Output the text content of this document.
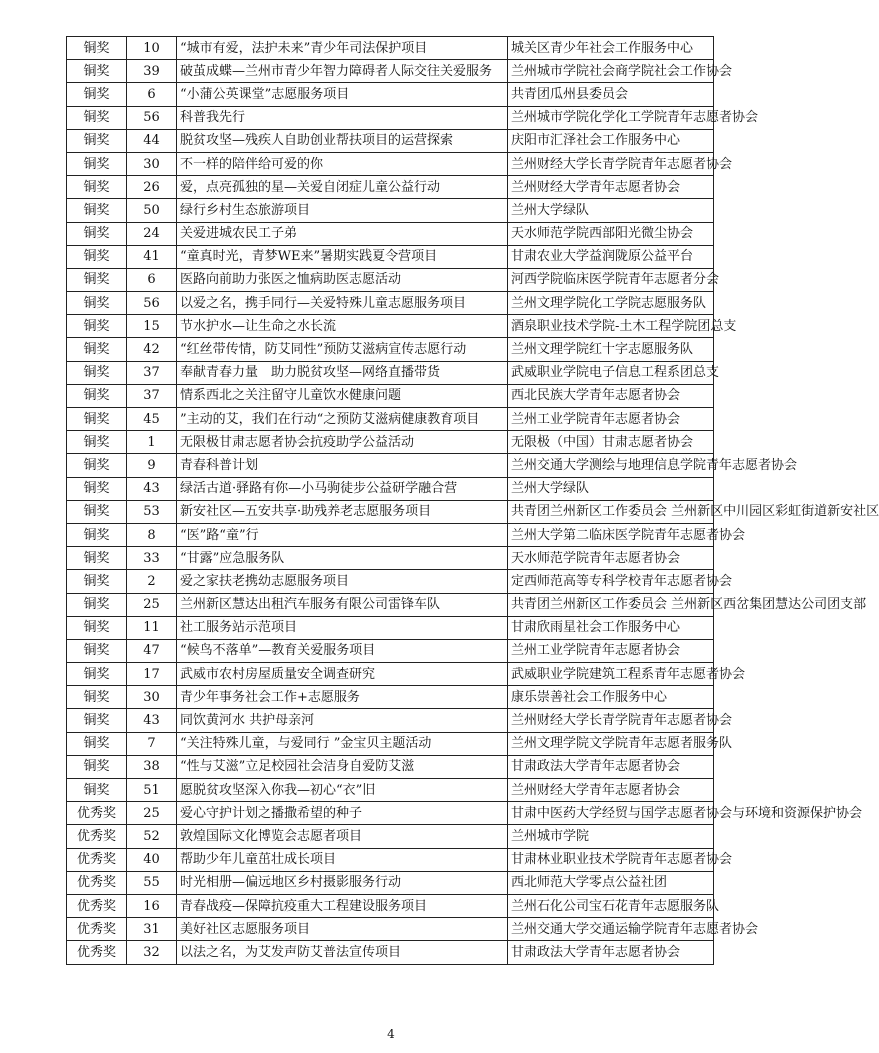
铜奖	10	“城市有爱，法护未来”青少年司法保护项目	城关区青少年社会工作服务中心
铜奖	39	破茧成蝶—兰州市青少年智力障碍者人际交往关爱服务	兰州城市学院社会商学院社会工作协会
铜奖	6	“小蒲公英课堂”志愿服务项目	共青团瓜州县委员会
铜奖	56	科普我先行	兰州城市学院化学化工学院青年志愿者协会
铜奖	44	脱贫攻坚—残疾人自助创业帮扶项目的运营探索	庆阳市汇泽社会工作服务中心
铜奖	30	不一样的陪伴给可爱的你	兰州财经大学长青学院青年志愿者协会
铜奖	26	爱，点亮孤独的星—关爱自闭症儿童公益行动	兰州财经大学青年志愿者协会
铜奖	50	绿行乡村生态旅游项目	兰州大学绿队
铜奖	24	关爱进城农民工子弟	天水师范学院西部阳光微尘协会
铜奖	41	“童真时光，青梦WE来”暑期实践夏令营项目	甘肃农业大学益润陇原公益平台
铜奖	6	医路向前助力张医之恤病助医志愿活动	河西学院临床医学院青年志愿者分会
铜奖	56	以爱之名，携手同行—关爱特殊儿童志愿服务项目	兰州文理学院化工学院志愿服务队
铜奖	15	节水护水—让生命之水长流	酒泉职业技术学院-土木工程学院团总支
铜奖	42	“红丝带传情，防艾同性”预防艾滋病宣传志愿行动	兰州文理学院红十字志愿服务队
铜奖	37	奉献青春力量　助力脱贫攻坚—网络直播带货	武威职业学院电子信息工程系团总支
铜奖	37	情系西北之关注留守儿童饮水健康问题	西北民族大学青年志愿者协会
铜奖	45	”主动的艾，我们在行动“之预防艾滋病健康教育项目	兰州工业学院青年志愿者协会
铜奖	1	无限极甘肃志愿者协会抗疫助学公益活动	无限极（中国）甘肃志愿者协会
铜奖	9	青春科普计划	兰州交通大学测绘与地理信息学院青年志愿者协会
铜奖	43	绿活古道·驿路有你—小马驹徒步公益研学融合营	兰州大学绿队
铜奖	53	新安社区—五安共享·助残养老志愿服务项目	共青团兰州新区工作委员会 兰州新区中川园区彩虹街道新安社区
铜奖	8	“医”路“童”行	兰州大学第二临床医学院青年志愿者协会
铜奖	33	“甘露”应急服务队	天水师范学院青年志愿者协会
铜奖	2	爱之家扶老携幼志愿服务项目	定西师范高等专科学校青年志愿者协会
铜奖	25	兰州新区慧达出租汽车服务有限公司雷锋车队	共青团兰州新区工作委员会 兰州新区西岔集团慧达公司团支部
铜奖	11	社工服务站示范项目	甘肃欣雨星社会工作服务中心
铜奖	47	“候鸟不落单”—教育关爱服务项目	兰州工业学院青年志愿者协会
铜奖	17	武威市农村房屋质量安全调查研究	武威职业学院建筑工程系青年志愿者协会
铜奖	30	青少年事务社会工作+志愿服务	康乐崇善社会工作服务中心
铜奖	43	同饮黄河水 共护母亲河	兰州财经大学长青学院青年志愿者协会
铜奖	7	“关注特殊儿童，与爱同行 ”金宝贝主题活动	兰州文理学院文学院青年志愿者服务队
铜奖	38	“性与艾滋”立足校园社会洁身自爱防艾滋	甘肃政法大学青年志愿者协会
铜奖	51	愿脱贫攻坚深入你我—初心“衣”旧	兰州财经大学青年志愿者协会
优秀奖	25	爱心守护计划之播撒希望的种子	甘肃中医药大学经贸与国学志愿者协会与环境和资源保护协会
优秀奖	52	敦煌国际文化博览会志愿者项目	兰州城市学院
优秀奖	40	帮助少年儿童茁壮成长项目	甘肃林业职业技术学院青年志愿者协会
优秀奖	55	时光相册—偏远地区乡村摄影服务行动	西北师范大学零点公益社团
优秀奖	16	青春战疫—保障抗疫重大工程建设服务项目	兰州石化公司宝石花青年志愿服务队
优秀奖	31	美好社区志愿服务项目	兰州交通大学交通运输学院青年志愿者协会
优秀奖	32	以法之名，为艾发声防艾普法宣传项目	甘肃政法大学青年志愿者协会
4
